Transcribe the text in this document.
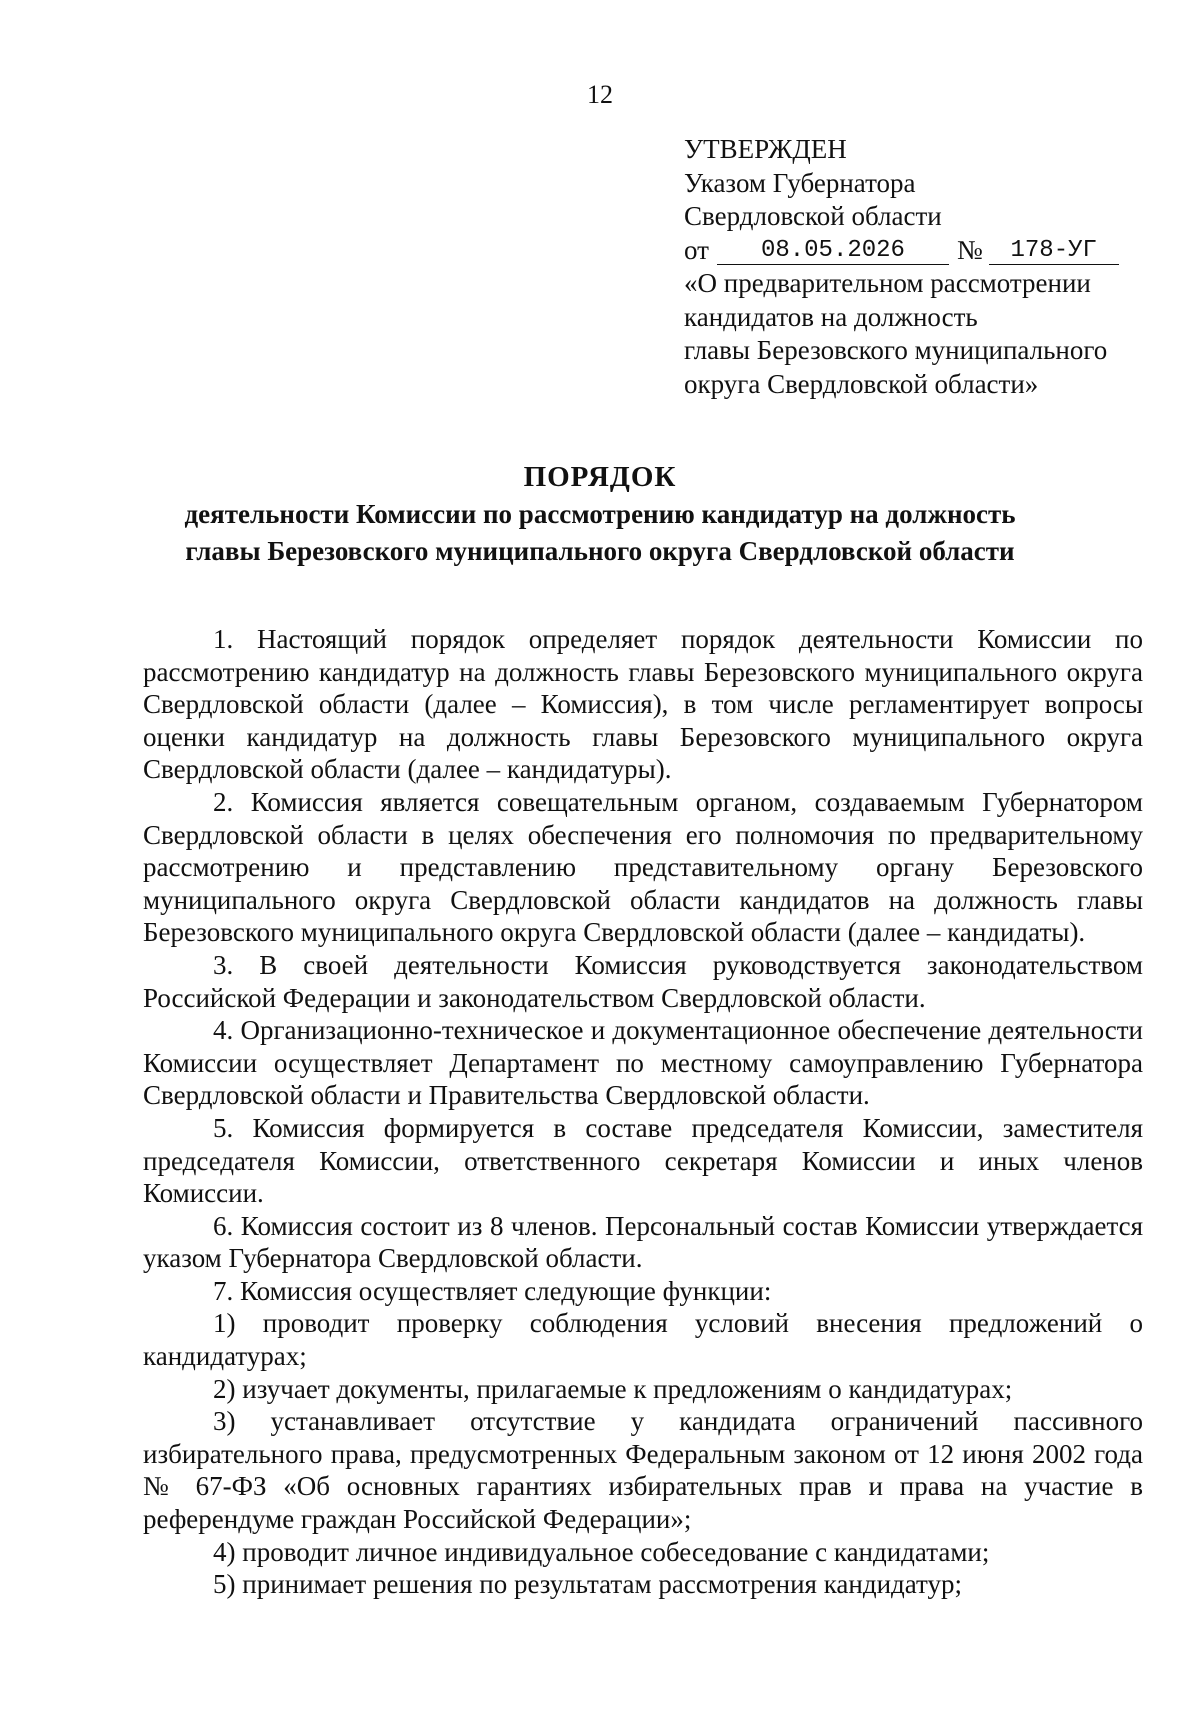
12
УТВЕРЖДЕН
Указом Губернатора
Свердловской области
от	08.05.2026	№	178-УГ
«О предварительном рассмотрении
кандидатов на должность
главы Березовского муниципального
округа Свердловской области»
ПОРЯДОК
деятельности Комиссии по рассмотрению кандидатур на должность
главы Березовского муниципального округа Свердловской области

1. Настоящий порядок определяет порядок деятельности Комиссии по рассмотрению кандидатур на должность главы Березовского муниципального округа Свердловской области (далее – Комиссия), в том числе регламентирует вопросы оценки кандидатур на должность главы Березовского муниципального округа Свердловской области (далее – кандидатуры).

2. Комиссия является совещательным органом, создаваемым Губернатором Свердловской области в целях обеспечения его полномочия по предварительному рассмотрению и представлению представительному органу Березовского муниципального округа Свердловской области кандидатов на должность главы Березовского муниципального округа Свердловской области (далее – кандидаты).

3. В своей деятельности Комиссия руководствуется законодательством Российской Федерации и законодательством Свердловской области.

4. Организационно-техническое и документационное обеспечение деятельности Комиссии осуществляет Департамент по местному самоуправлению Губернатора Свердловской области и Правительства Свердловской области.

5. Комиссия формируется в составе председателя Комиссии, заместителя председателя Комиссии, ответственного секретаря Комиссии и иных членов Комиссии.

6. Комиссия состоит из 8 членов. Персональный состав Комиссии утверждается указом Губернатора Свердловской области.

7. Комиссия осуществляет следующие функции:

1) проводит проверку соблюдения условий внесения предложений о кандидатурах;

2) изучает документы, прилагаемые к предложениям о кандидатурах;

3) устанавливает отсутствие у кандидата ограничений пассивного избирательного права, предусмотренных Федеральным законом от 12 июня 2002 года № 67-ФЗ «Об основных гарантиях избирательных прав и права на участие в референдуме граждан Российской Федерации»;

4) проводит личное индивидуальное собеседование с кандидатами;

5) принимает решения по результатам рассмотрения кандидатур;
